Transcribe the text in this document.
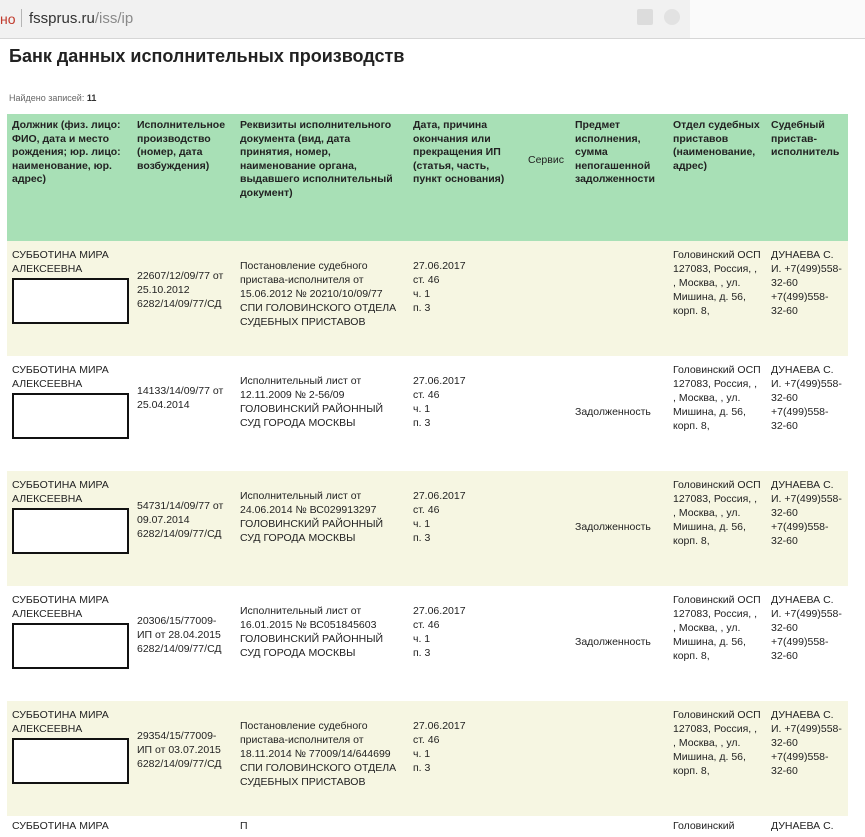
но fssprus.ru/iss/ip
Банк данных исполнительных производств
Найдено записей: 11
Должник (физ. лицо: ФИО, дата и место рождения; юр. лицо: наименование, юр. адрес)	Исполнительное производство (номер, дата возбуждения)	Реквизиты исполнительного документа (вид, дата принятия, номер, наименование органа, выдавшего исполнительный документ)	Дата, причина окончания или прекращения ИП (статья, часть, пункт основания)	Сервис	Предмет исполнения, сумма непогашенной задолженности	Отдел судебных приставов (наименование, адрес)	Судебный пристав-исполнитель

СУББОТИНА МИРА АЛЕКСЕЕВНА	22607/12/09/77 от 25.10.2012 6282/14/09/77/СД	Постановление судебного пристава-исполнителя от 15.06.2012 № 20210/10/09/77 СПИ ГОЛОВИНСКОГО ОТДЕЛА СУДЕБНЫХ ПРИСТАВОВ	27.06.2017
ст. 46
ч. 1
п. 3			Головинский ОСП 127083, Россия, , , Москва, , ул. Мишина, д. 56, корп. 8,	ДУНАЕВА С. И. +7(499)558-32-60 +7(499)558-32-60

СУББОТИНА МИРА АЛЕКСЕЕВНА	14133/14/09/77 от 25.04.2014	Исполнительный лист от 12.11.2009 № 2-56/09 ГОЛОВИНСКИЙ РАЙОННЫЙ СУД ГОРОДА МОСКВЫ	27.06.2017
ст. 46
ч. 1
п. 3		Задолженность	Головинский ОСП 127083, Россия, , , Москва, , ул. Мишина, д. 56, корп. 8,	ДУНАЕВА С. И. +7(499)558-32-60 +7(499)558-32-60

СУББОТИНА МИРА АЛЕКСЕЕВНА	54731/14/09/77 от 09.07.2014 6282/14/09/77/СД	Исполнительный лист от 24.06.2014 № ВС029913297 ГОЛОВИНСКИЙ РАЙОННЫЙ СУД ГОРОДА МОСКВЫ	27.06.2017
ст. 46
ч. 1
п. 3		Задолженность	Головинский ОСП 127083, Россия, , , Москва, , ул. Мишина, д. 56, корп. 8,	ДУНАЕВА С. И. +7(499)558-32-60 +7(499)558-32-60

СУББОТИНА МИРА АЛЕКСЕЕВНА	20306/15/77009-ИП от 28.04.2015 6282/14/09/77/СД	Исполнительный лист от 16.01.2015 № ВС051845603 ГОЛОВИНСКИЙ РАЙОННЫЙ СУД ГОРОДА МОСКВЫ	27.06.2017
ст. 46
ч. 1
п. 3		Задолженность	Головинский ОСП 127083, Россия, , , Москва, , ул. Мишина, д. 56, корп. 8,	ДУНАЕВА С. И. +7(499)558-32-60 +7(499)558-32-60

СУББОТИНА МИРА АЛЕКСЕЕВНА	29354/15/77009-ИП от 03.07.2015 6282/14/09/77/СД	Постановление судебного пристава-исполнителя от 18.11.2014 № 77009/14/644699 СПИ ГОЛОВИНСКОГО ОТДЕЛА СУДЕБНЫХ ПРИСТАВОВ	27.06.2017
ст. 46
ч. 1
п. 3			Головинский ОСП 127083, Россия, , , Москва, , ул. Мишина, д. 56, корп. 8,	ДУНАЕВА С. И. +7(499)558-32-60 +7(499)558-32-60
СУББОТИНА МИРА		П				Головинский	ДУНАЕВА С.
